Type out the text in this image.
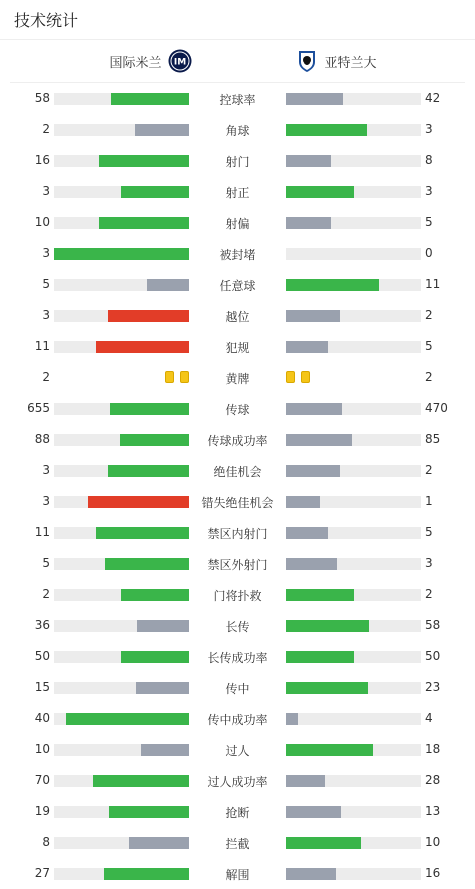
技术统计
国际米兰 IM	亚特兰大
58	控球率	42
2	角球	3
16	射门	8
3	射正	3
10	射偏	5
3	被封堵	0
5	任意球	11
3	越位	2
11	犯规	5
2	黄牌	2
655	传球	470
88	传球成功率	85
3	绝佳机会	2
3	错失绝佳机会	1
11	禁区内射门	5
5	禁区外射门	3
2	门将扑救	2
36	长传	58
50	长传成功率	50
15	传中	23
40	传中成功率	4
10	过人	18
70	过人成功率	28
19	抢断	13
8	拦截	10
27	解围	16
